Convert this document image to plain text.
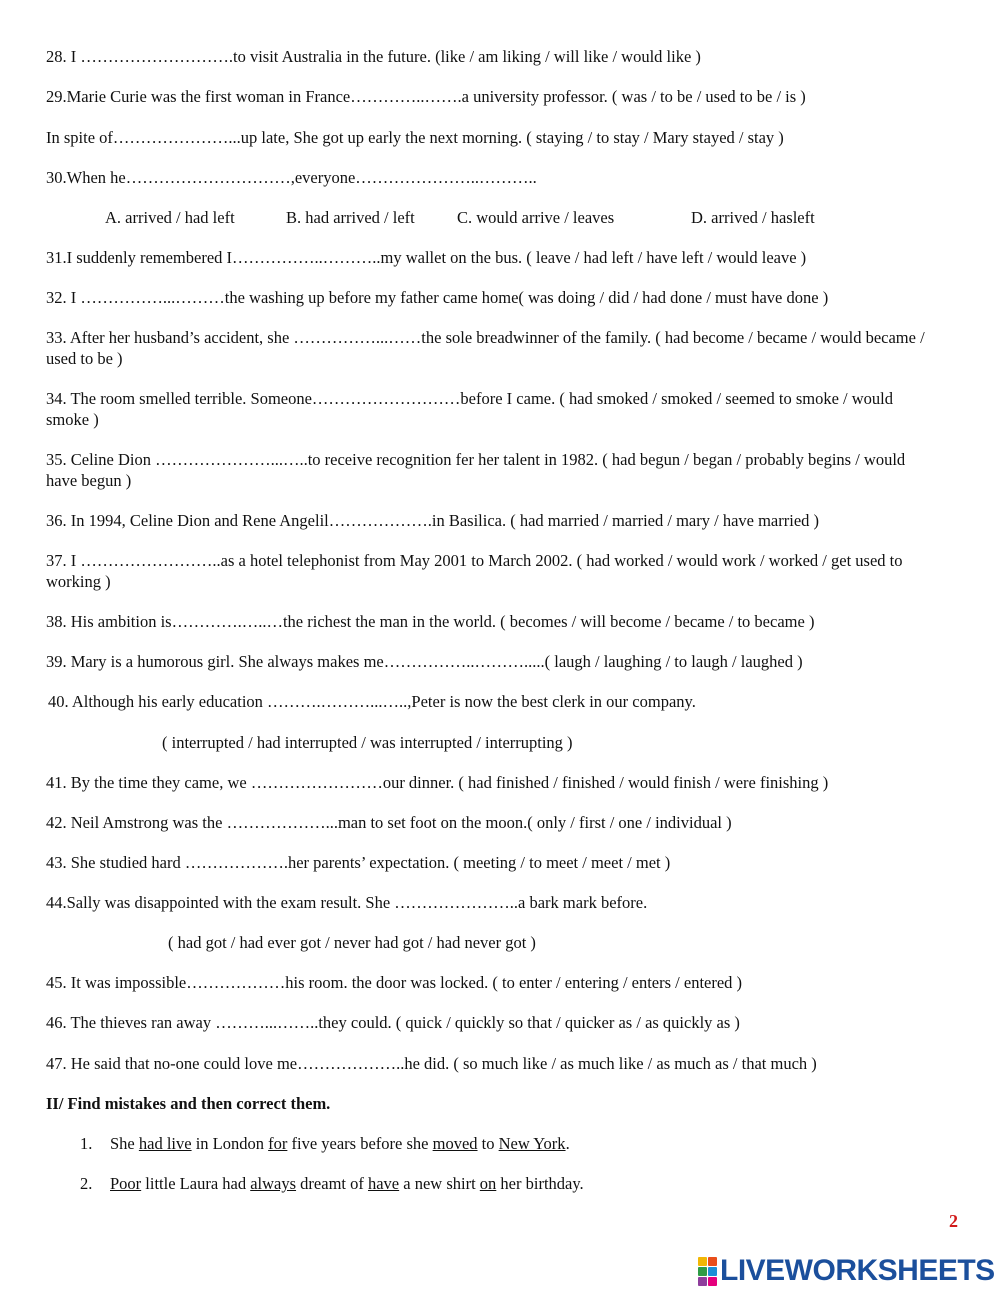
28. I ……………………….to visit Australia in the future. (like / am liking / will like / would like )
29.Marie Curie was the first woman in France…………..…….a university professor. ( was / to be / used to be / is )
In spite of…………………...up late, She got up early the next morning. ( staying / to stay / Mary stayed / stay )
30.When he…………………………,everyone…………………..………..
A. arrived / had left	B. had arrived / left	C. would arrive / leaves	D. arrived / hasleft
31.I suddenly remembered I……………..………..my wallet on the bus. ( leave / had left / have left / would leave )
32. I ……………...………the washing up before my father came home( was doing / did / had done / must have done )
33. After her husband’s accident, she ……………...……the sole breadwinner of the family. ( had become / became / would became / used to be )
34. The room smelled terrible. Someone………………………before I came. ( had smoked / smoked / seemed to smoke / would smoke )
35. Celine Dion …………………...…..to receive recognition fer her talent in 1982. ( had begun / began / probably begins / would have begun )
36. In 1994, Celine Dion and Rene Angelil……………….in Basilica. ( had married / married / mary / have married )
37. I ……………………..as a hotel telephonist from May 2001 to March 2002. ( had worked / would work / worked / get used to working )
38. His ambition is………….…..…the richest the man in the world. ( becomes / will become / became / to became )
39. Mary is a humorous girl. She always makes me……………..……….....( laugh / laughing / to laugh / laughed )
40. Although his early education ……….………...…..,Peter is now the best clerk in our company.
( interrupted / had interrupted / was interrupted / interrupting )
41. By the time they came, we ……………………our dinner. ( had finished / finished / would finish / were finishing )
42. Neil Amstrong was the ………………...man to set foot on the moon.( only / first / one / individual )
43. She studied hard ……………….her parents’ expectation. ( meeting / to meet / meet / met )
44.Sally was disappointed with the exam result. She …………………..a bark mark before.
( had got / had ever got / never had got / had never got )
45. It was impossible………………his room. the door was locked. ( to enter / entering / enters / entered )
46. The thieves ran away ………...……..they could. ( quick / quickly so that / quicker as / as quickly as )
47. He said that no-one could love me………………..he did. ( so much like / as much like / as much as / that much )
II/ Find mistakes and then correct them.
1. She had live in London for five years before she moved to New York.
2. Poor little Laura had always dreamt of have a new shirt on her birthday.
2
LIVEWORKSHEETS
